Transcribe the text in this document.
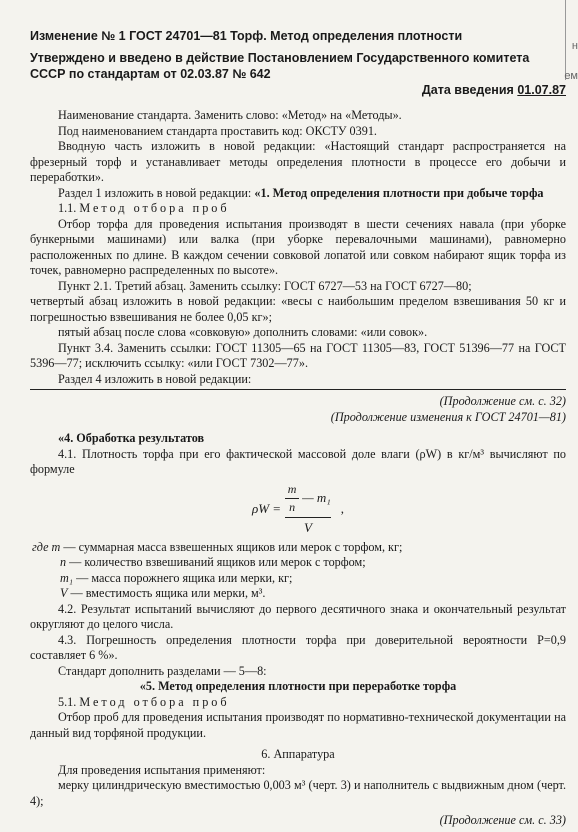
н
ем

Изменение № 1 ГОСТ 24701—81 Торф. Метод определения плотности

Утверждено и введено в действие Постановлением Государственного комитета СССР по стандартам от 02.03.87 № 642

Дата введения 01.07.87

Наименование стандарта. Заменить слово: «Метод» на «Методы».

Под наименованием стандарта проставить код: ОКСТУ 0391.

Вводную часть изложить в новой редакции: «Настоящий стандарт распространяется на фрезерный торф и устанавливает методы определения плотности в процессе его добычи и переработки».

Раздел 1 изложить в новой редакции: «1. Метод определения плотности при добыче торфа

1.1. Метод отбора проб

Отбор торфа для проведения испытания производят в шести сечениях навала (при уборке бункерными машинами) или валка (при уборке перевалочными машинами), равномерно расположенных по длине. В каждом сечении совковой лопатой или совком набирают ящик торфа из точек, равномерно распределенных по высоте».

Пункт 2.1. Третий абзац. Заменить ссылку: ГОСТ 6727—53 на ГОСТ 6727—80;

четвертый абзац изложить в новой редакции: «весы с наибольшим пределом взвешивания 50 кг и погрешностью взвешивания не более 0,05 кг»;

пятый абзац после слова «совковую» дополнить словами: «или совок».

Пункт 3.4. Заменить ссылки: ГОСТ 11305—65 на ГОСТ 11305—83, ГОСТ 51396—77 на ГОСТ 5396—77; исключить ссылку: «или ГОСТ 7302—77».

Раздел 4 изложить в новой редакции:

(Продолжение см. с. 32)

(Продолжение изменения к ГОСТ 24701—81)

«4. Обработка результатов

4.1. Плотность торфа при его фактической массовой доле влаги (ρW) в кг/м³ вычисляют по формуле

$\rho W = \frac{\frac{m}{n} — m_1}{V}$ ,

где m — суммарная масса взвешенных ящиков или мерок с торфом, кг;

n — количество взвешиваний ящиков или мерок с торфом;

m₁ — масса порожнего ящика или мерки, кг;

V — вместимость ящика или мерки, м³.

4.2. Результат испытаний вычисляют до первого десятичного знака и окончательный результат округляют до целого числа.

4.3. Погрешность определения плотности торфа при доверительной вероятности P=0,9 составляет 6 %».

Стандарт дополнить разделами — 5—8:

«5. Метод определения плотности при переработке торфа

5.1. Метод отбора проб

Отбор проб для проведения испытания производят по нормативно-технической документации на данный вид торфяной продукции.

6. Аппаратура

Для проведения испытания применяют:

мерку цилиндрическую вместимостью 0,003 м³ (черт. 3) и наполнитель с выдвижным дном (черт. 4);

(Продолжение см. с. 33)
